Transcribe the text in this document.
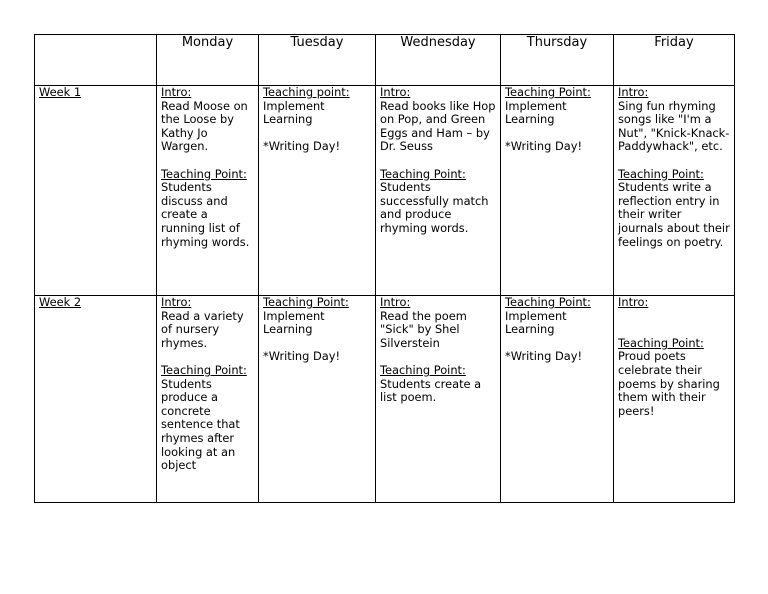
	Monday	Tuesday	Wednesday	Thursday	Friday
Week 1	Intro:
Read Moose on the Loose by Kathy Jo Wargen.
Teaching Point:
Students discuss and create a running list of rhyming words.	Teaching point:
Implement Learning
*Writing Day!	Intro:
Read books like Hop on Pop, and Green Eggs and Ham – by Dr. Seuss
Teaching Point:
Students successfully match and produce rhyming words.	Teaching Point:
Implement Learning
*Writing Day!	Intro:
Sing fun rhyming songs like "I'm a Nut", "Knick-Knack-Paddywhack", etc.
Teaching Point:
Students write a reflection entry in their writer journals about their feelings on poetry.

Week 2	Intro:
Read a variety of nursery rhymes.
Teaching Point:
Students produce a concrete sentence that rhymes after looking at an object	Teaching Point:
Implement Learning
*Writing Day!	Intro:
Read the poem "Sick" by Shel Silverstein
Teaching Point:
Students create a list poem.	Teaching Point:
Implement Learning
*Writing Day!	Intro:
Teaching Point:
Proud poets celebrate their poems by sharing them with their peers!
